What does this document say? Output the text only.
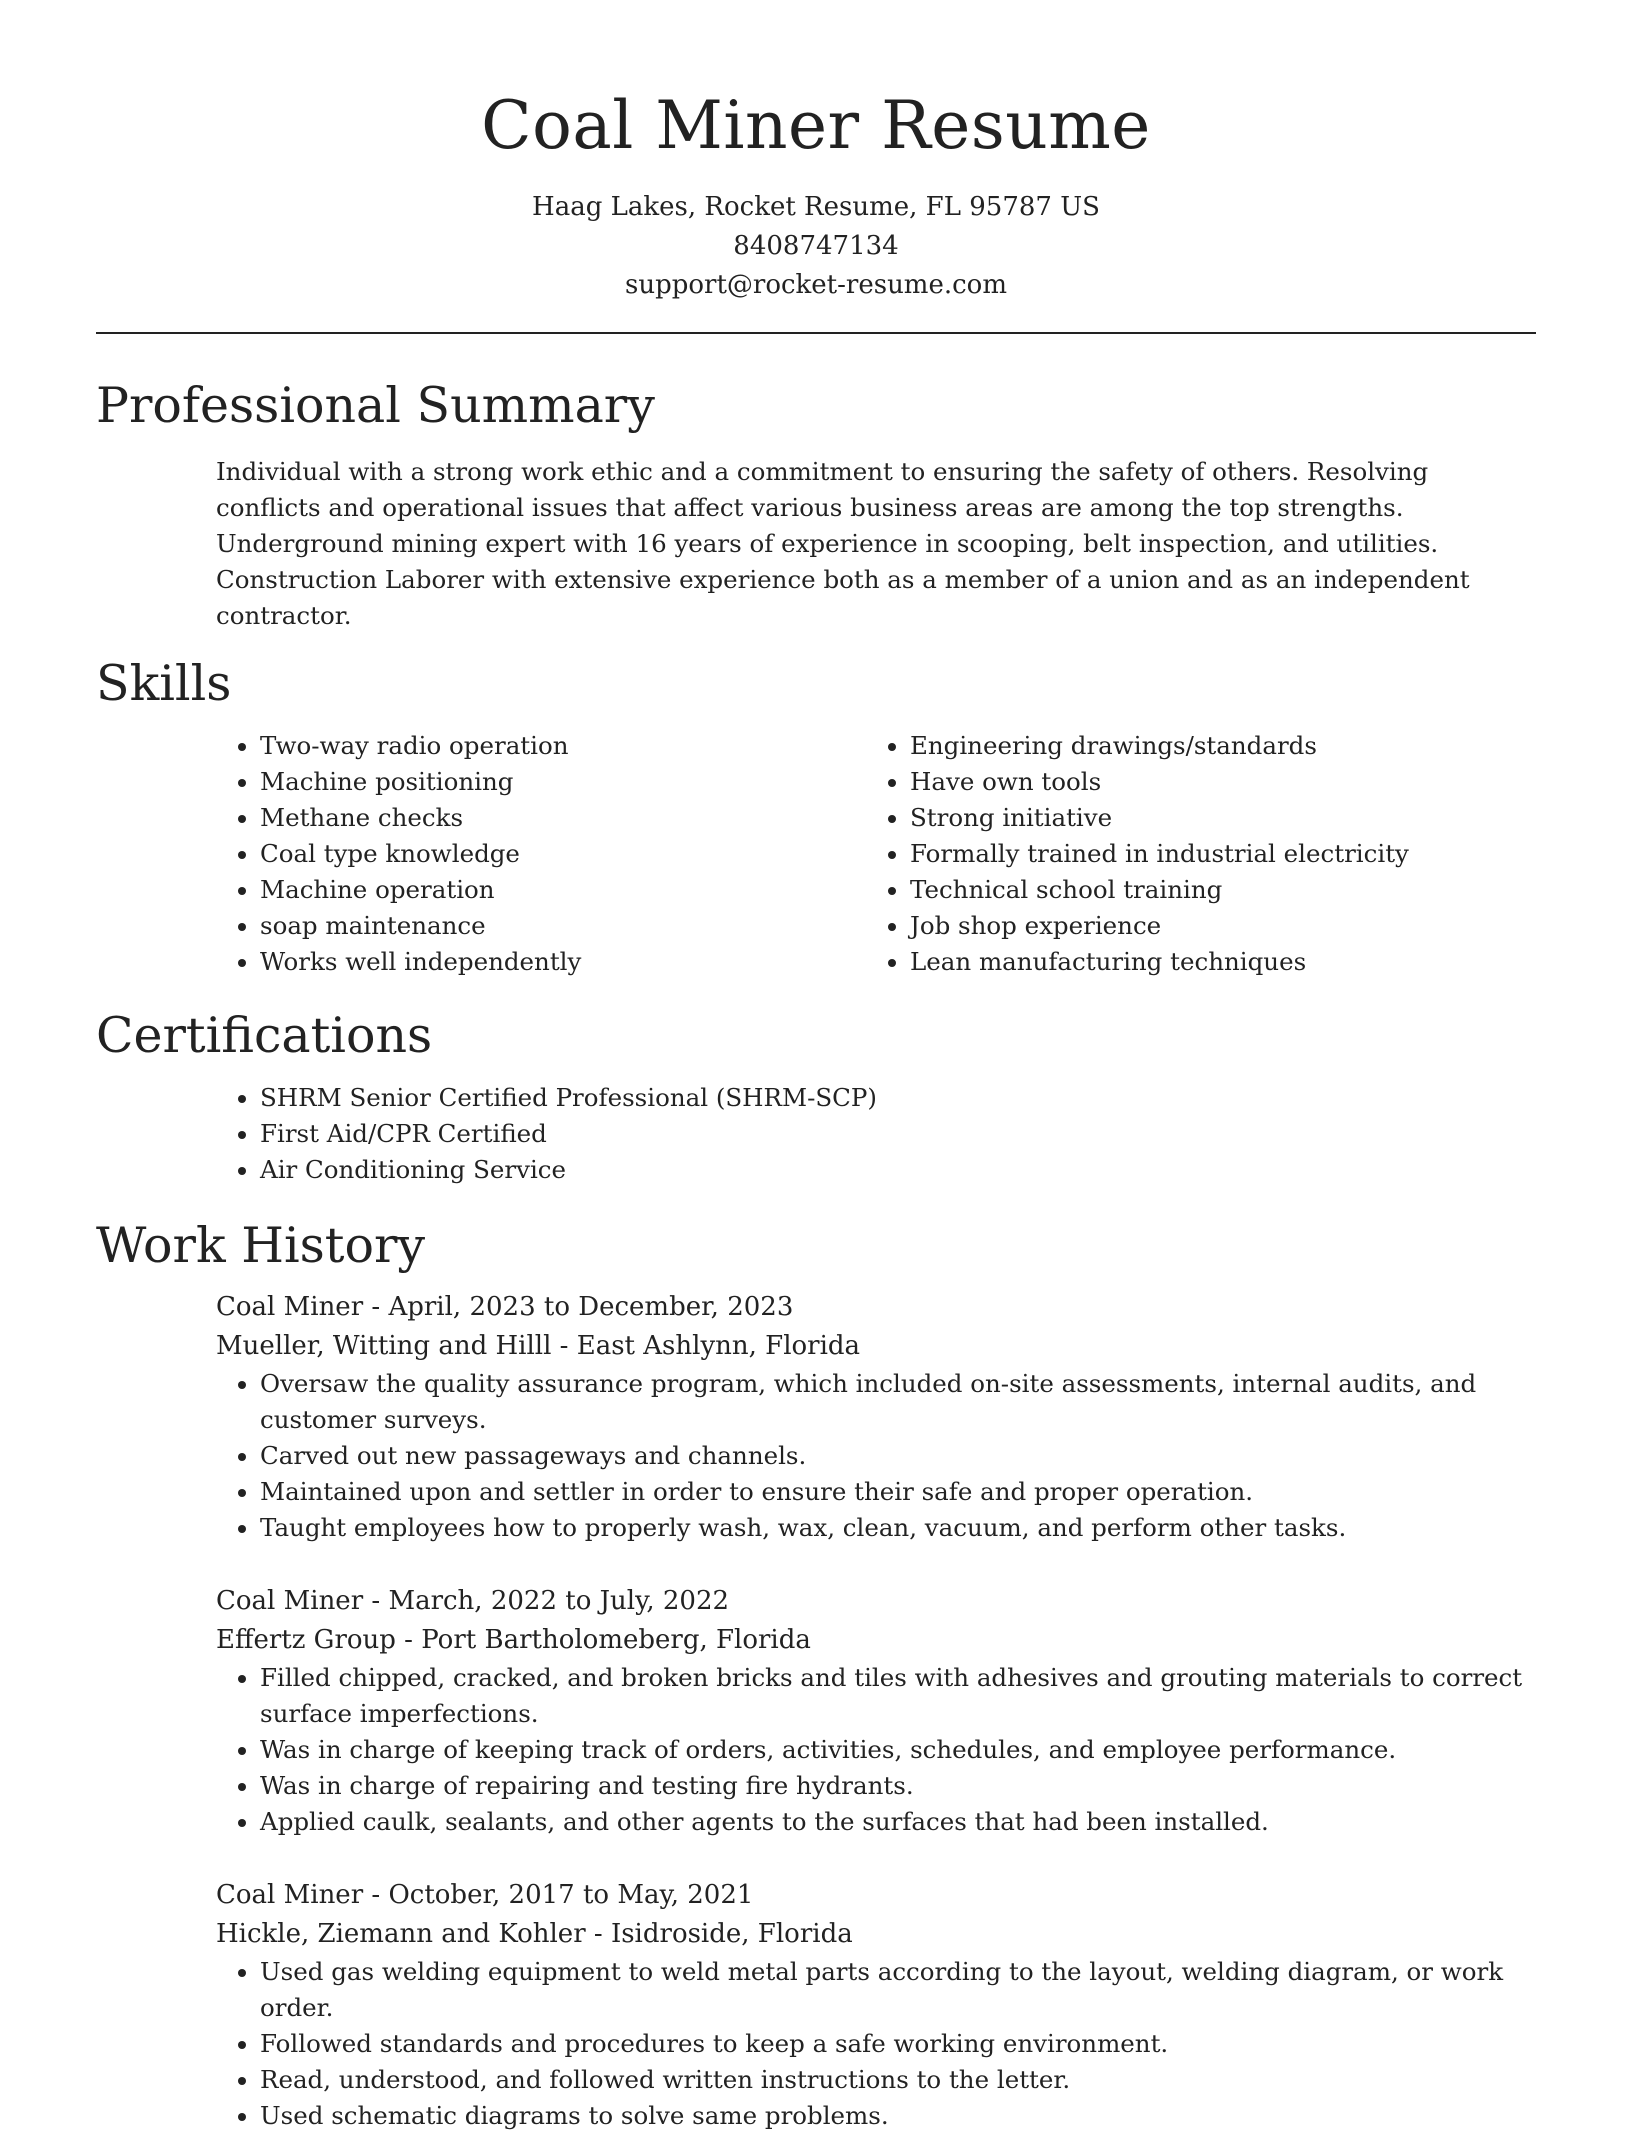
Coal Miner Resume
Haag Lakes, Rocket Resume, FL 95787 US
8408747134
support@rocket-resume.com
Professional Summary

Individual with a strong work ethic and a commitment to ensuring the safety of others. Resolving conflicts and operational issues that affect various business areas are among the top strengths. Underground mining expert with 16 years of experience in scooping, belt inspection, and utilities. Construction Laborer with extensive experience both as a member of a union and as an independent contractor.

Skills
• Two-way radio operation
• Machine positioning
• Methane checks
• Coal type knowledge
• Machine operation
• soap maintenance
• Works well independently
• Engineering drawings/standards
• Have own tools
• Strong initiative
• Formally trained in industrial electricity
• Technical school training
• Job shop experience
• Lean manufacturing techniques
Certifications
• SHRM Senior Certified Professional (SHRM-SCP)
• First Aid/CPR Certified
• Air Conditioning Service
Work History
Coal Miner - April, 2023 to December, 2023
Mueller, Witting and Hilll - East Ashlynn, Florida
• Oversaw the quality assurance program, which included on-site assessments, internal audits, and customer surveys.
• Carved out new passageways and channels.
• Maintained upon and settler in order to ensure their safe and proper operation.
• Taught employees how to properly wash, wax, clean, vacuum, and perform other tasks.
Coal Miner - March, 2022 to July, 2022
Effertz Group - Port Bartholomeberg, Florida
• Filled chipped, cracked, and broken bricks and tiles with adhesives and grouting materials to correct surface imperfections.
• Was in charge of keeping track of orders, activities, schedules, and employee performance.
• Was in charge of repairing and testing fire hydrants.
• Applied caulk, sealants, and other agents to the surfaces that had been installed.
Coal Miner - October, 2017 to May, 2021
Hickle, Ziemann and Kohler - Isidroside, Florida
• Used gas welding equipment to weld metal parts according to the layout, welding diagram, or work order.
• Followed standards and procedures to keep a safe working environment.
• Read, understood, and followed written instructions to the letter.
• Used schematic diagrams to solve same problems.
